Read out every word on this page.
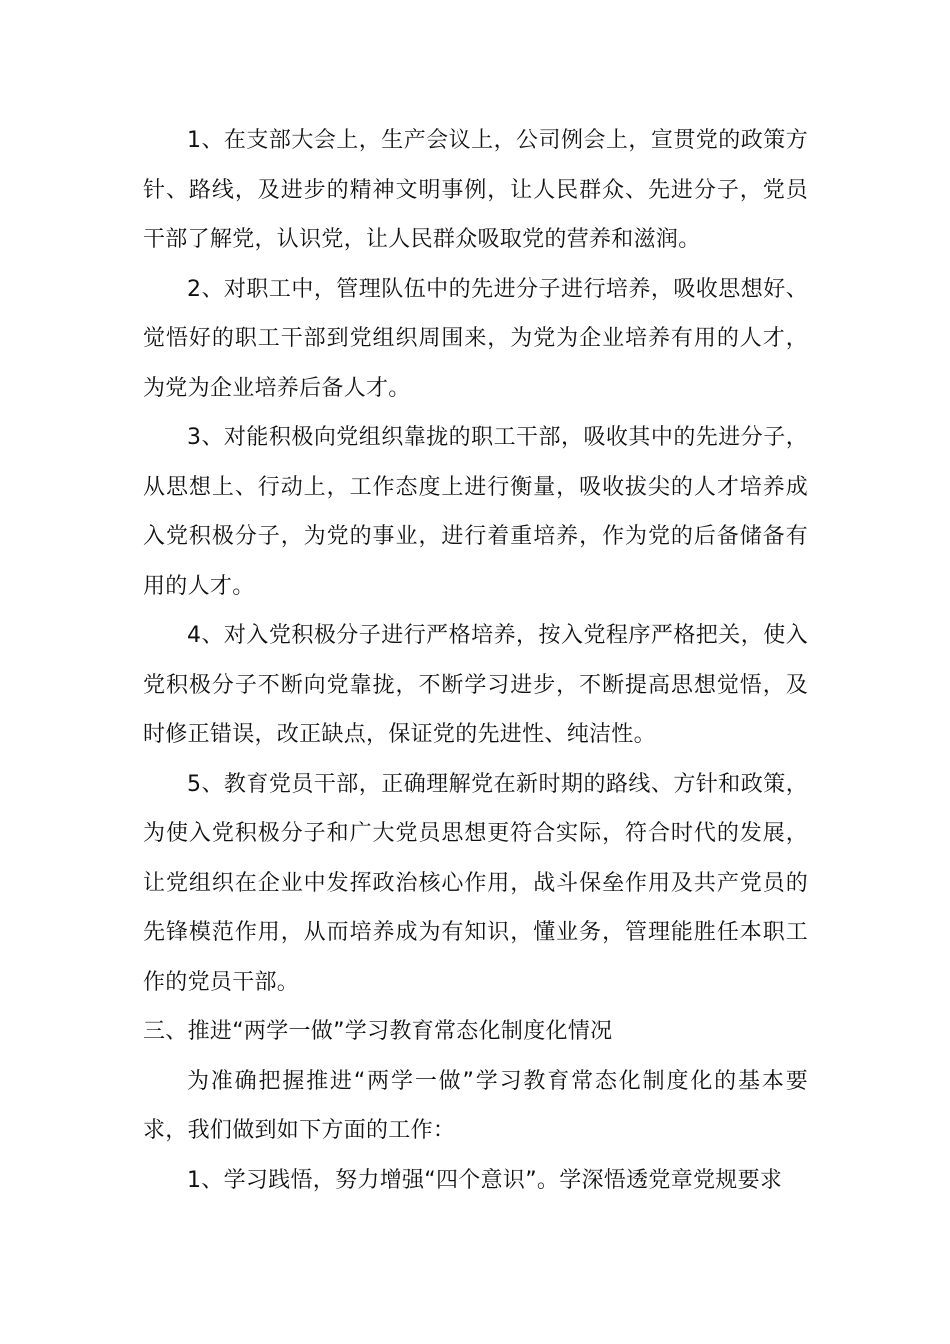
1、在支部大会上，生产会议上，公司例会上，宣贯党的政策方针、路线，及进步的精神文明事例，让人民群众、先进分子，党员干部了解党，认识党，让人民群众吸取党的营养和滋润。

2、对职工中，管理队伍中的先进分子进行培养，吸收思想好、觉悟好的职工干部到党组织周围来，为党为企业培养有用的人才，为党为企业培养后备人才。

3、对能积极向党组织靠拢的职工干部，吸收其中的先进分子，从思想上、行动上，工作态度上进行衡量，吸收拔尖的人才培养成入党积极分子，为党的事业，进行着重培养，作为党的后备储备有用的人才。

4、对入党积极分子进行严格培养，按入党程序严格把关，使入党积极分子不断向党靠拢，不断学习进步，不断提高思想觉悟，及时修正错误，改正缺点，保证党的先进性、纯洁性。

5、教育党员干部，正确理解党在新时期的路线、方针和政策，为使入党积极分子和广大党员思想更符合实际，符合时代的发展，让党组织在企业中发挥政治核心作用，战斗保垒作用及共产党员的先锋模范作用，从而培养成为有知识，懂业务，管理能胜任本职工作的党员干部。

三、推进“两学一做”学习教育常态化制度化情况

为准确把握推进“两学一做”学习教育常态化制度化的基本要求，我们做到如下方面的工作：

1、学习践悟，努力增强“四个意识”。学深悟透党章党规要求
